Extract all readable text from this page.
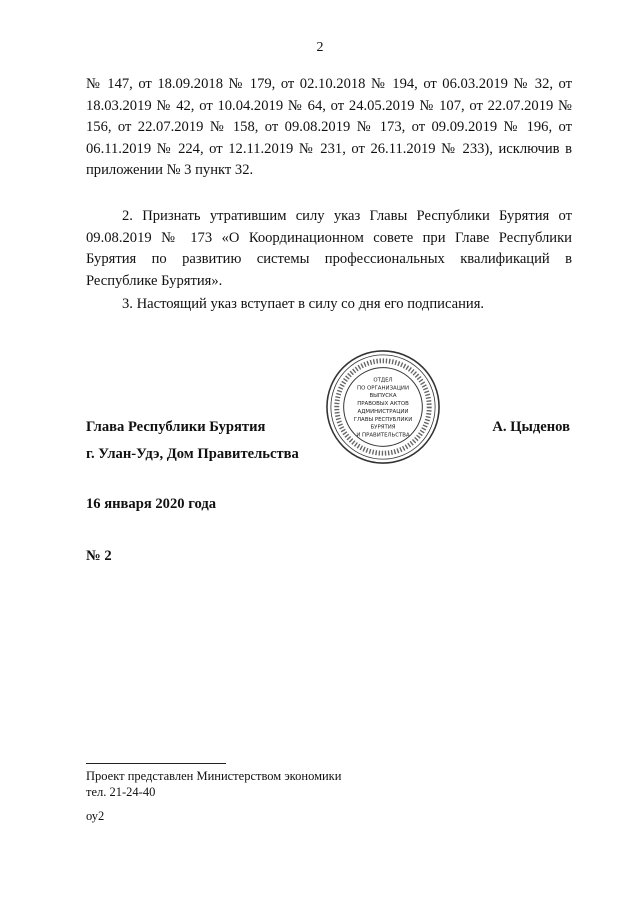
2
№ 147, от 18.09.2018 № 179, от 02.10.2018 № 194, от 06.03.2019 № 32, от 18.03.2019 № 42, от 10.04.2019 № 64, от 24.05.2019 № 107, от 22.07.2019 № 156, от 22.07.2019 № 158, от 09.08.2019 № 173, от 09.09.2019 № 196, от 06.11.2019 № 224, от 12.11.2019 № 231, от 26.11.2019 № 233), исключив в приложении № 3 пункт 32.
2. Признать утратившим силу указ Главы Республики Бурятия от 09.08.2019 № 173 «О Координационном совете при Главе Республики Бурятия по развитию системы профессиональных квалификаций в Республике Бурятия».
3. Настоящий указ вступает в силу со дня его подписания.
Глава Республики Бурятия	А. Цыденов
ОТДЕЛ
ПО ОРГАНИЗАЦИИ
ВЫПУСКА
ПРАВОВЫХ АКТОВ
АДМИНИСТРАЦИИ
ГЛАВЫ РЕСПУБЛИКИ
БУРЯТИЯ
И ПРАВИТЕЛЬСТВА
г. Улан-Удэ, Дом Правительства
16 января 2020 года
№ 2
Проект представлен Министерством экономики
тел. 21-24-40
оу2
